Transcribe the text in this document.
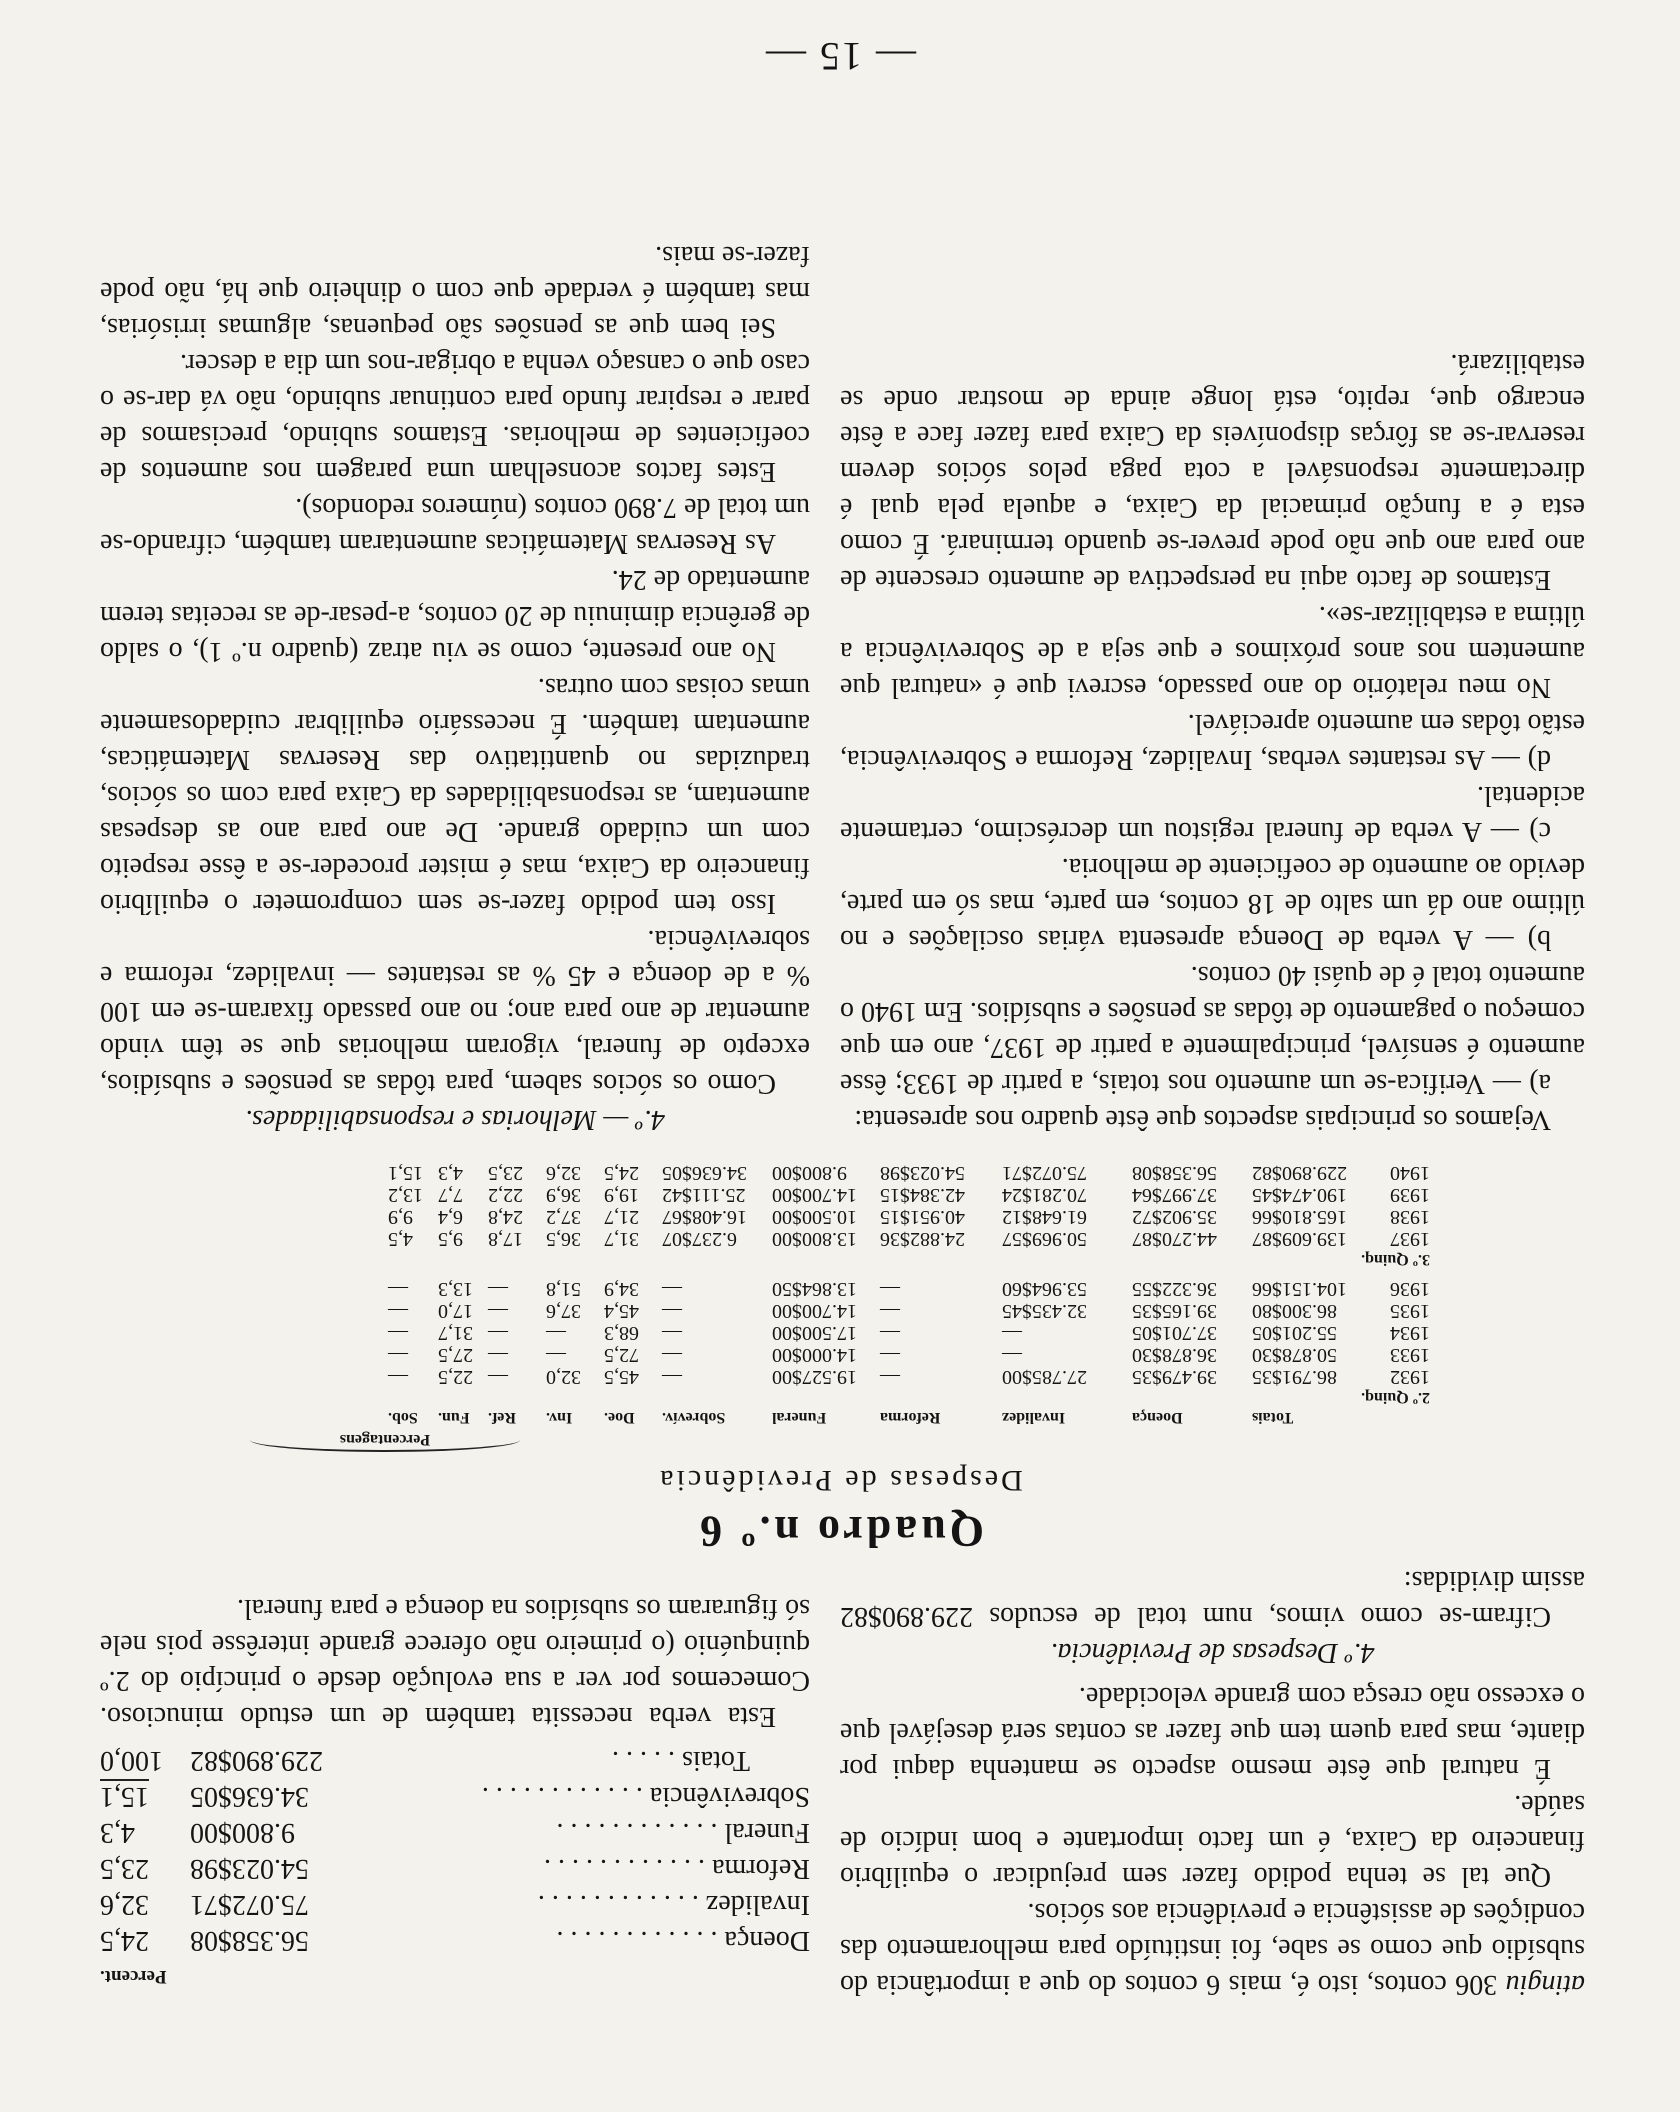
— 15 —

atingiu 306 contos, isto é, mais 6 contos do que a importância do subsídio que como se sabe, foi instituído para melhoramento das condições de assistência e previdência aos sócios.

Que tal se tenha podido fazer sem prejudicar o equilíbrio financeiro da Caixa, é um facto importante e bom indício de saúde.

É natural que êste mesmo aspecto se mantenha daqui por diante, mas para quem tem que fazer as contas será desejável que o excesso não cresça com grande velocidade.

4.º Despesas de Previdência.

Cifram-se como vimos, num total de escudos 229.890$82 assim divididas:

Percent.
Doença . .
56.358$08
24,5
Invalidez . .
75.072$71
32,6
Reforma . .
54.023$98
23,5
Funeral . .
9.800$00
4,3
Sobrevivência . .
34.636$05
15,1
Totais . .
229.890$82
100,0

Esta verba necessita também de um estudo minucioso. Comecemos por ver a sua evolução desde o princípio do 2.º quinquénio (o primeiro não oferece grande interêsse pois nele só figuraram os subsídios na doença e para funeral.

Quadro n.º 6
Despesas de Previdência
Percentagens
Totais
Doença
Invalidez
Reforma
Funeral
Sobrevív.
Doe.
Inv.
Ref.
Fun.
Sob.
2.º Quinq.
1932
86.791$35
39.479$35
27.785$00
—
19.527$00
—
45,5
32,0
—
22,5
—
1933
50.878$30
36.878$30
—
—
14.000$00
—
72,5
—
—
27,5
—
1934
55.201$05
37.701$05
—
—
17.500$00
—
68,3
—
—
31,7
—
1935
86.300$80
39.165$35
32.435$45
—
14.700$00
—
45,4
37,6
—
17,0
—
1936
104.151$66
36.322$55
53.964$60
—
13.864$50
—
34,9
51,8
—
13,3
—
3.º Quinq.
1937
139.609$87
44.270$87
50.969$57
24.882$36
13.800$00
6.237$07
31,7
36,5
17,8
9,5
4,5
1938
165.810$66
35.902$72
61.648$12
40.951$15
10.500$00
16.408$67
21,7
37,2
24,8
6,4
9,9
1939
190.474$45
37.997$64
70.281$24
42.384$15
14.700$00
25.111$42
19,9
36,9
22,2
7,7
13,2
1940
229.890$82
56.358$08
75.072$71
54.023$98
9.800$00
34.636$05
24,5
32,6
23,5
4,3
15,1

Vejamos os principais aspectos que êste quadro nos apresenta:

a) — Verifica-se um aumento nos totais, a partir de 1933; êsse aumento é sensível, principalmente a partir de 1937, ano em que começou o pagamento de tôdas as pensões e subsídios. Em 1940 o aumento total é de quási 40 contos.

b) — A verba de Doença apresenta várias oscilações e no último ano dá um salto de 18 contos, em parte, mas só em parte, devido ao aumento de coeficiente de melhoria.

c) — A verba de funeral registou um decréscimo, certamente acidental.

d) — As restantes verbas, Invalidez, Reforma e Sobrevivência, estão tôdas em aumento apreciável.

No meu relatório do ano passado, escrevi que é «natural que aumentem nos anos próximos e que seja a de Sobrevivência a última a estabilizar-se».

Estamos de facto aqui na perspectiva de aumento crescente de ano para ano que não pode prever-se quando terminará. É como esta é a função primacial da Caixa, e aquela pela qual é directamente responsável a cota paga pelos sócios devem reservar-se as fôrças disponíveis da Caixa para fazer face a êste encargo que, repito, está longe ainda de mostrar onde se estabilizará.

4.º — Melhorias e responsabilidades.

Como os sócios sabem, para tôdas as pensões e subsídios, excepto de funeral, vigoram melhorias que se têm vindo aumentar de ano para ano; no ano passado fixaram-se em 100 % a de doença e 45 % as restantes — invalidez, reforma e sobrevivência.

Isso tem podido fazer-se sem comprometer o equilíbrio financeiro da Caixa, mas é mister proceder-se a êsse respeito com um cuidado grande. De ano para ano as despesas aumentam, as responsabilidades da Caixa para com os sócios, traduzidas no quantitativo das Reservas Matemáticas, aumentam também. É necessário equilibrar cuidadosamente umas coisas com outras.

No ano presente, como se viu atraz (quadro n.º 1), o saldo de gerência diminuiu de 20 contos, a-pesar-de as receitas terem aumentado de 24.

As Reservas Matemáticas aumentaram também, cifrando-se um total de 7.890 contos (números redondos).

Estes factos aconselham uma paragem nos aumentos de coeficientes de melhorias. Estamos subindo, precisamos de parar e respirar fundo para continuar subindo, não vá dar-se o caso que o cansaço venha a obrigar-nos um dia a descer.

Sei bem que as pensões são pequenas, algumas irrisórias, mas também é verdade que com o dinheiro que há, não pode fazer-se mais.
